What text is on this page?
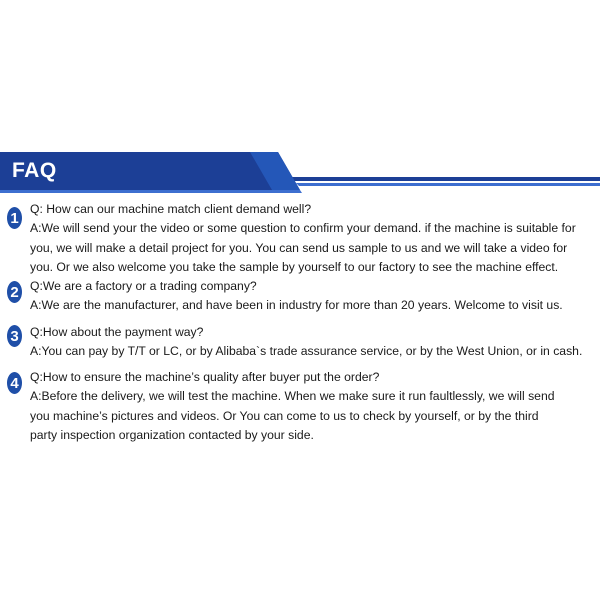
FAQ
1
Q: How can our machine match client demand well?
A:We will send your the video or some question to confirm your demand. if the machine is suitable for
you, we will make a detail project for you. You can send us sample to us and we will take a video for
you. Or we also welcome you take the sample by yourself to our factory to see the machine effect.
2 Q:We are a factory or a trading company?
A:We are the manufacturer, and have been in industry for more than 20 years. Welcome to visit us.
3 Q:How about the payment way?
A:You can pay by T/T or LC, or by Alibaba`s trade assurance service, or by the West Union, or in cash.
4 Q:How to ensure the machine’s quality after buyer put the order?
A:Before the delivery, we will test the machine. When we make sure it run faultlessly, we will send
you machine’s pictures and videos. Or You can come to us to check by yourself, or by the third
party inspection organization contacted by your side.
